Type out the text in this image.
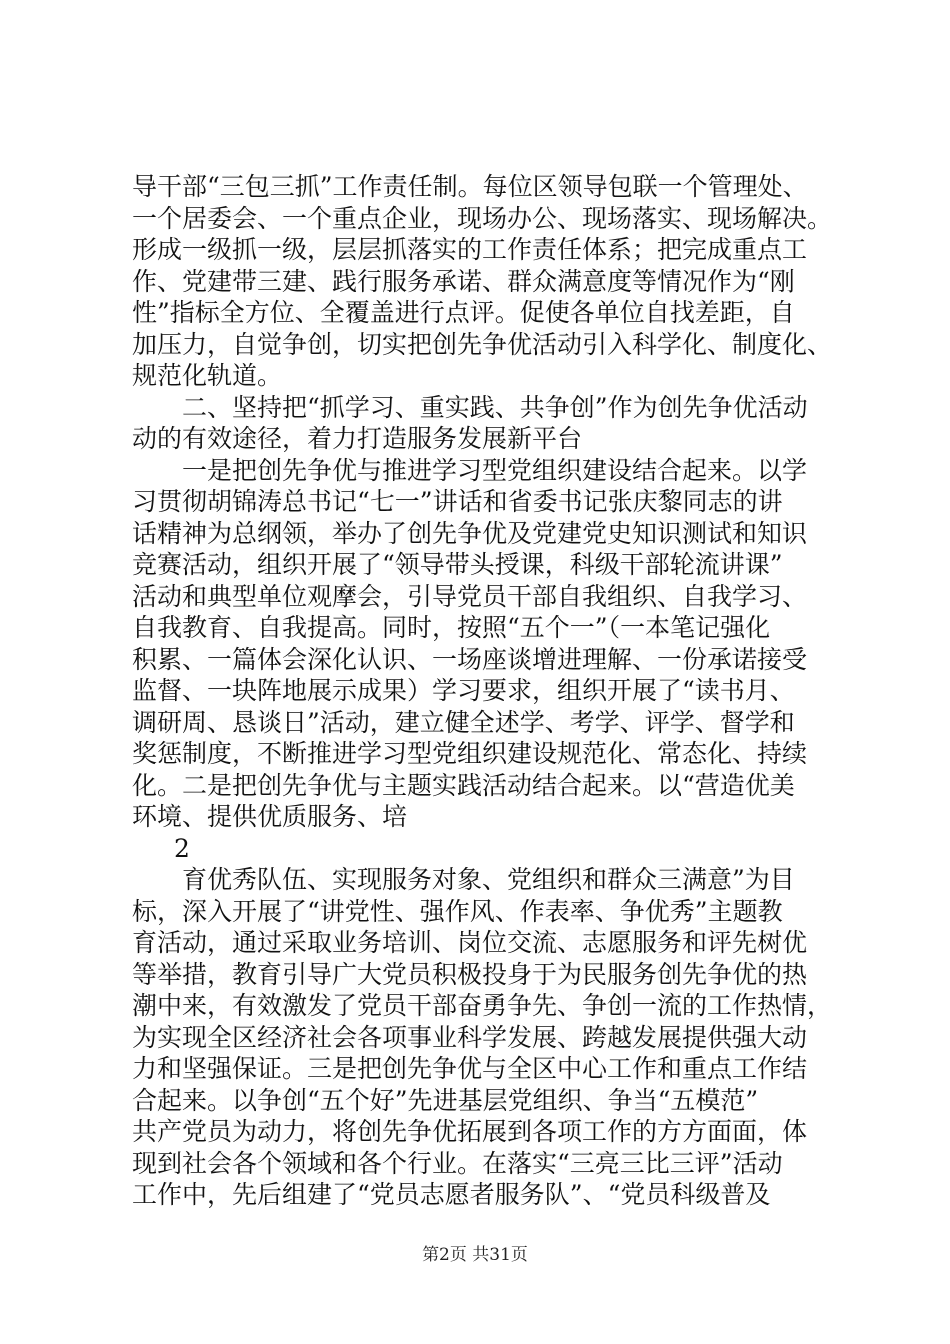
导干部“三包三抓”工作责任制。每位区领导包联一个管理处、
一个居委会、一个重点企业，现场办公、现场落实、现场解决。
形成一级抓一级，层层抓落实的工作责任体系；把完成重点工
作、党建带三建、践行服务承诺、群众满意度等情况作为“刚
性”指标全方位、全覆盖进行点评。促使各单位自找差距，自
加压力，自觉争创，切实把创先争优活动引入科学化、制度化、
规范化轨道。
二、坚持把“抓学习、重实践、共争创”作为创先争优活动
动的有效途径，着力打造服务发展新平台
一是把创先争优与推进学习型党组织建设结合起来。以学
习贯彻胡锦涛总书记“七一”讲话和省委书记张庆黎同志的讲
话精神为总纲领，举办了创先争优及党建党史知识测试和知识
竞赛活动，组织开展了“领导带头授课，科级干部轮流讲课”
活动和典型单位观摩会，引导党员干部自我组织、自我学习、
自我教育、自我提高。同时，按照“五个一”（一本笔记强化
积累、一篇体会深化认识、一场座谈增进理解、一份承诺接受
监督、一块阵地展示成果）学习要求，组织开展了“读书月、
调研周、恳谈日”活动，建立健全述学、考学、评学、督学和
奖惩制度，不断推进学习型党组织建设规范化、常态化、持续
化。二是把创先争优与主题实践活动结合起来。以“营造优美
环境、提供优质服务、培
2
育优秀队伍、实现服务对象、党组织和群众三满意”为目
标，深入开展了“讲党性、强作风、作表率、争优秀”主题教
育活动，通过采取业务培训、岗位交流、志愿服务和评先树优
等举措，教育引导广大党员积极投身于为民服务创先争优的热
潮中来，有效激发了党员干部奋勇争先、争创一流的工作热情，
为实现全区经济社会各项事业科学发展、跨越发展提供强大动
力和坚强保证。三是把创先争优与全区中心工作和重点工作结
合起来。以争创“五个好”先进基层党组织、争当“五模范”
共产党员为动力，将创先争优拓展到各项工作的方方面面，体
现到社会各个领域和各个行业。在落实“三亮三比三评”活动
工作中，先后组建了“党员志愿者服务队”、“党员科级普及
第2页 共31页
